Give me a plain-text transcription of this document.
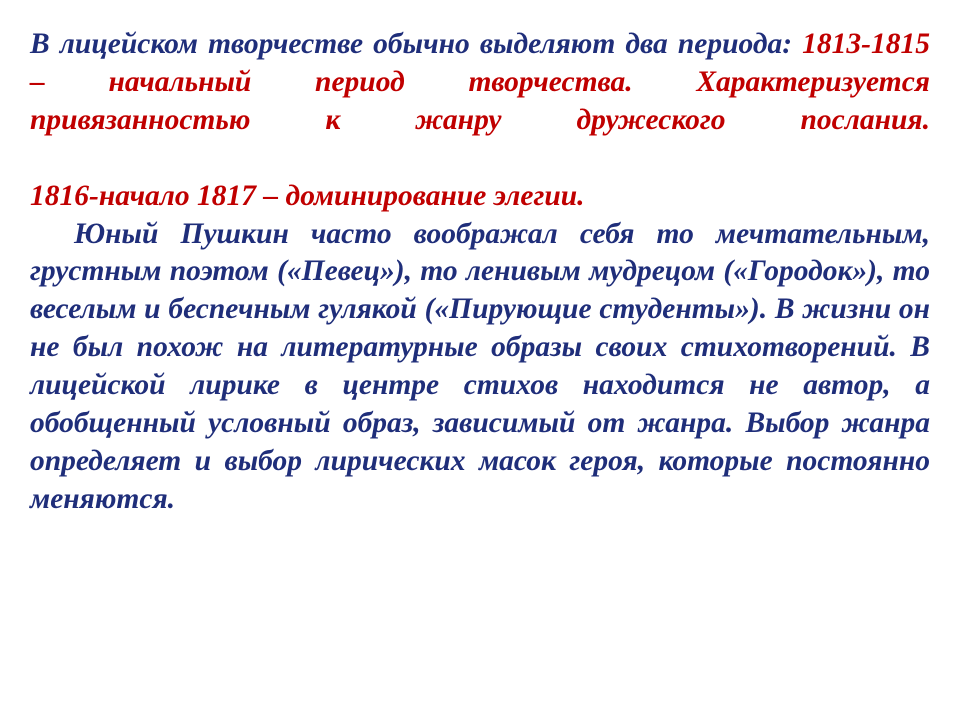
В лицейском творчестве обычно выделяют два периода: 1813-1815 – начальный период творчества. Характеризуется привязанностью к жанру дружеского послания.

1816-начало 1817 – доминирование элегии.

Юный Пушкин часто воображал себя то мечтательным, грустным поэтом («Певец»), то ленивым мудрецом («Городок»), то веселым и беспечным гулякой («Пирующие студенты»). В жизни он не был похож на литературные образы своих стихотворений. В лицейской лирике в центре стихов находится не автор, а обобщенный условный образ, зависимый от жанра. Выбор жанра определяет и выбор лирических масок героя, которые постоянно меняются.
